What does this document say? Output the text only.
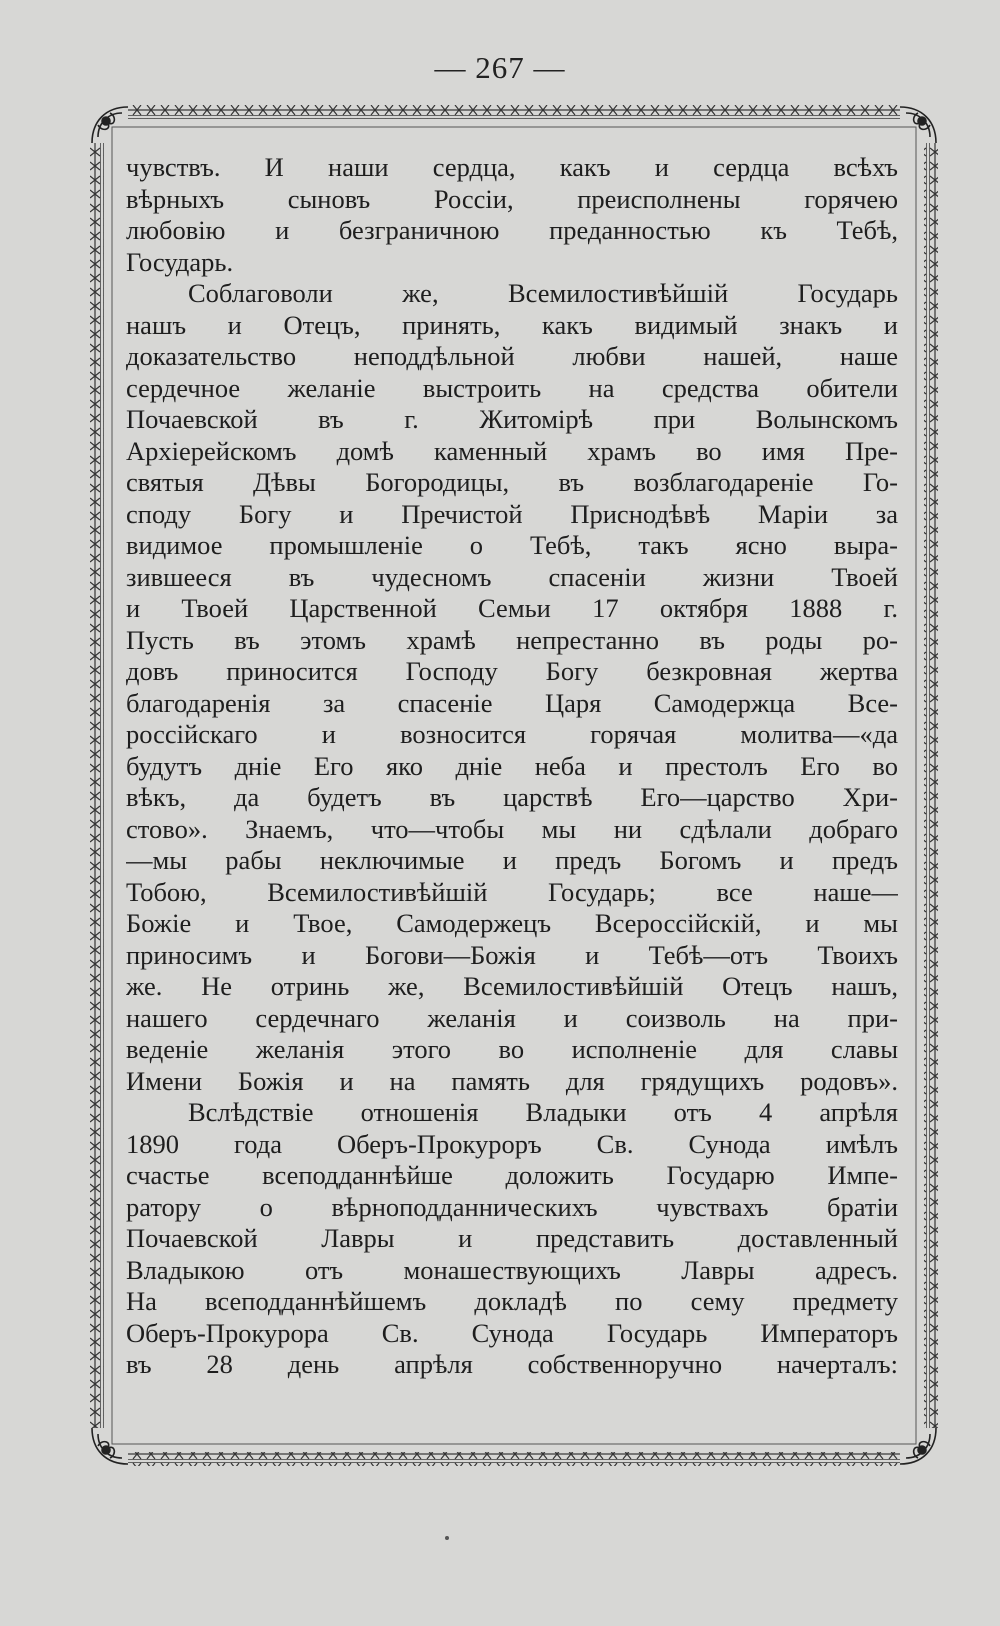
— 267 —
чувствъ. И наши сердца, какъ и сердца всѣхъ
вѣрныхъ сыновъ Россіи, преисполнены горячею
любовію и безграничною преданностью къ Тебѣ,
Государь.
Соблаговоли же, Всемилостивѣйшій Государь
нашъ и Отецъ, принять, какъ видимый знакъ и
доказательство неподдѣльной любви нашей, наше
сердечное желаніе выстроить на средства обители
Почаевской въ г. Житомірѣ при Волынскомъ
Архіерейскомъ домѣ каменный храмъ во имя Пре-
святыя Дѣвы Богородицы, въ возблагодареніе Го-
споду Богу и Пречистой Приснодѣвѣ Маріи за
видимое промышленіе о Тебѣ, такъ ясно выра-
зившееся въ чудесномъ спасеніи жизни Твоей
и Твоей Царственной Семьи 17 октября 1888 г.
Пусть въ этомъ храмѣ непрестанно въ роды ро-
довъ приносится Господу Богу безкровная жертва
благодаренія за спасеніе Царя Самодержца Все-
россійскаго и возносится горячая молитва—«да
будутъ дніе Его яко дніе неба и престолъ Его во
вѣкъ, да будетъ въ царствѣ Его—царство Хри-
стово». Знаемъ, что—чтобы мы ни сдѣлали добраго
—мы рабы неключимые и предъ Богомъ и предъ
Тобою, Всемилостивѣйшій Государь; все наше—
Божіе и Твое, Самодержецъ Всероссійскій, и мы
приносимъ и Богови—Божія и Тебѣ—отъ Твоихъ
же. Не отринь же, Всемилостивѣйшій Отецъ нашъ,
нашего сердечнаго желанія и соизволь на при-
веденіе желанія этого во исполненіе для славы
Имени Божія и на память для грядущихъ родовъ».
Вслѣдствіе отношенія Владыки отъ 4 апрѣля
1890 года Оберъ-Прокуроръ Св. Сунода имѣлъ
счастье всеподданнѣйше доложить Государю Импе-
ратору о вѣрноподданническихъ чувствахъ братіи
Почаевской Лавры и представить доставленный
Владыкою отъ монашествующихъ Лавры адресъ.
На всеподданнѣйшемъ докладѣ по сему предмету
Оберъ-Прокурора Св. Сунода Государь Императоръ
въ 28 день апрѣля собственноручно начерталъ:
